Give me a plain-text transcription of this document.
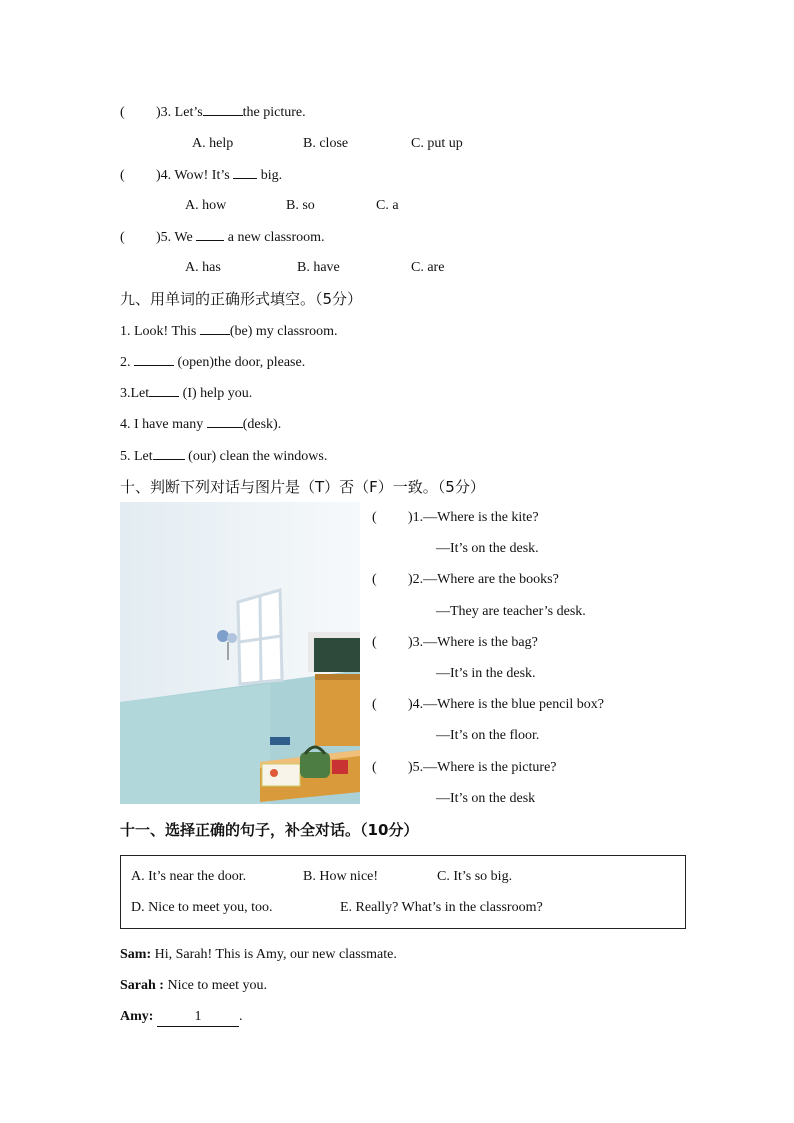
( )3. Let’s	the picture.
A. help	B. close	C. put up
( )4. Wow! It’s big.
A. how	B. so	C. a
( )5. We	a new classroom.
A. has	B. have	C. are
九、用单词的正确形式填空。（5分）
1. Look! This (be) my classroom.
2.	(open)the door, please.
3.Let (I) help you.
4. I have many	(desk).
5. Let	(our) clean the windows.
十、判断下列对话与图片是（T）否（F）一致。（5分）
( )1.—Where is the kite?
—It’s on the desk.
( )2.—Where are the books?
—They are teacher’s desk.
( )3.—Where is the bag?
—It’s in the desk.
( )4.—Where is the blue pencil box?
—It’s on the floor.
( )5.—Where is the picture?
—It’s on the desk
十一、选择正确的句子，补全对话。（10分）
A. It’s near the door.	B. How nice!	C. It’s so big.
D. Nice to meet you, too.	E. Really? What’s in the classroom?
Sam: Hi, Sarah! This is Amy, our new classmate.
Sarah : Nice to meet you.
Amy:	1	.
